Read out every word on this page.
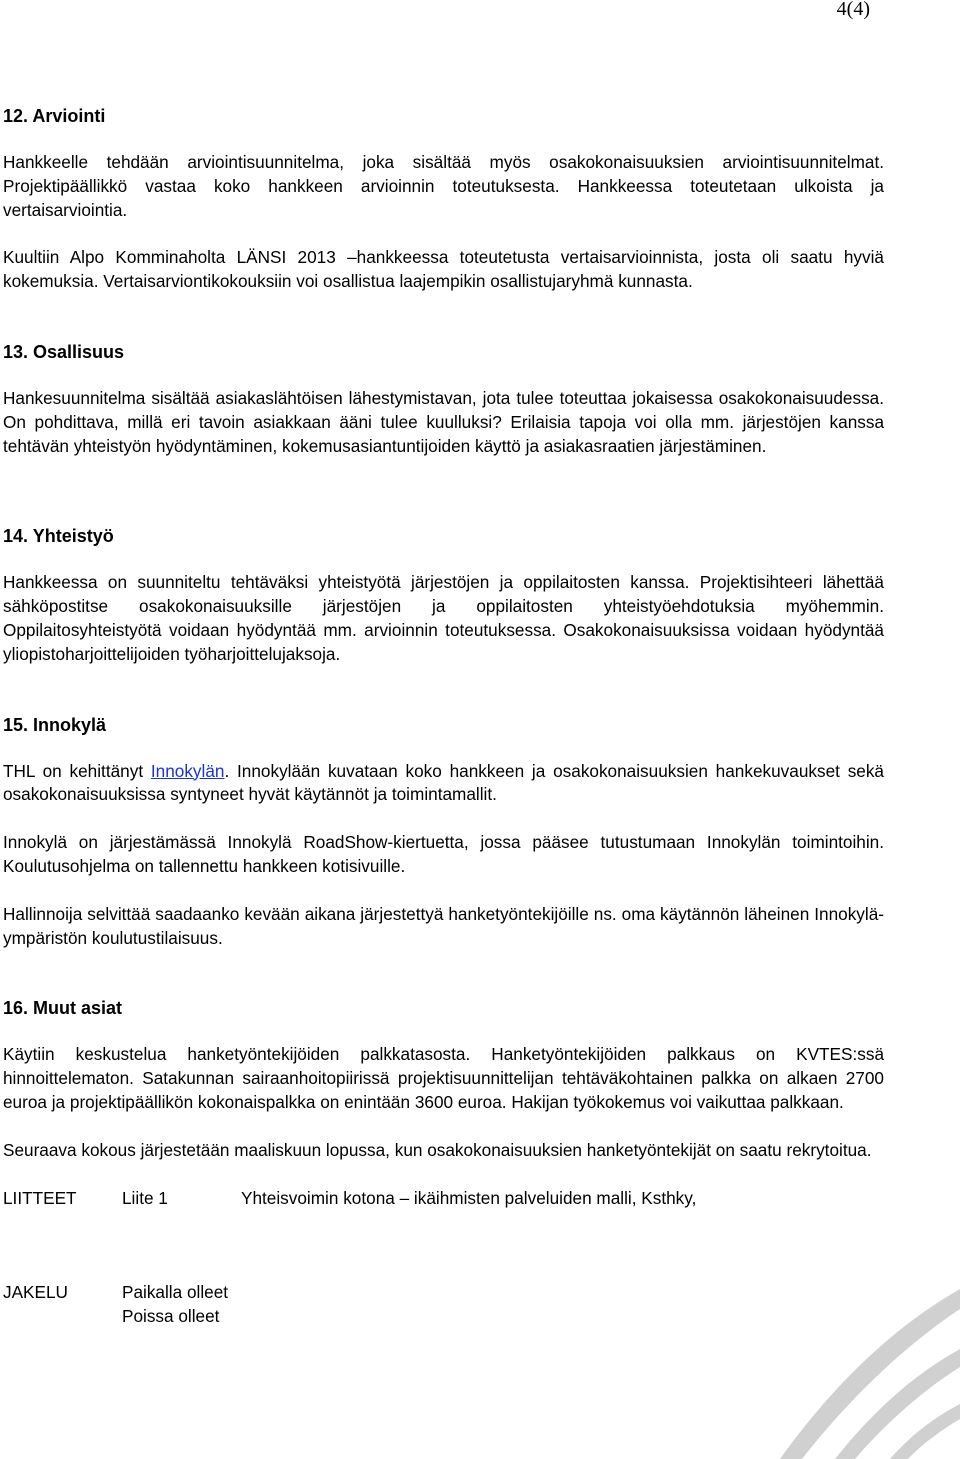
4(4)
12. Arviointi

Hankkeelle tehdään arviointisuunnitelma, joka sisältää myös osakokonaisuuksien arviointisuunnitelmat. Projektipäällikkö vastaa koko hankkeen arvioinnin toteutuksesta. Hankkeessa toteutetaan ulkoista ja vertaisarviointia.

Kuultiin Alpo Komminaholta LÄNSI 2013 –hankkeessa toteutetusta vertaisarvioinnista, josta oli saatu hyviä kokemuksia. Vertaisarviontikokouksiin voi osallistua laajempikin osallistujaryhmä kunnasta.

13. Osallisuus

Hankesuunnitelma sisältää asiakaslähtöisen lähestymistavan, jota tulee toteuttaa jokaisessa osakokonaisuudessa. On pohdittava, millä eri tavoin asiakkaan ääni tulee kuulluksi? Erilaisia tapoja voi olla mm. järjestöjen kanssa tehtävän yhteistyön hyödyntäminen, kokemusasiantuntijoiden käyttö ja asiakasraatien järjestäminen.

14. Yhteistyö

Hankkeessa on suunniteltu tehtäväksi yhteistyötä järjestöjen ja oppilaitosten kanssa. Projektisihteeri lähettää sähköpostitse osakokonaisuuksille järjestöjen ja oppilaitosten yhteistyöehdotuksia myöhemmin. Oppilaitosyhteistyötä voidaan hyödyntää mm. arvioinnin toteutuksessa. Osakokonaisuuksissa voidaan hyödyntää yliopistoharjoittelijoiden työharjoittelujaksoja.

15. Innokylä

THL on kehittänyt Innokylän. Innokylään kuvataan koko hankkeen ja osakokonaisuuksien hankekuvaukset sekä osakokonaisuuksissa syntyneet hyvät käytännöt ja toimintamallit.

Innokylä on järjestämässä Innokylä RoadShow-kiertuetta, jossa pääsee tutustumaan Innokylän toimintoihin. Koulutusohjelma on tallennettu hankkeen kotisivuille.

Hallinnoija selvittää saadaanko kevään aikana järjestettyä hanketyöntekijöille ns. oma käytännön läheinen Innokylä-ympäristön koulutustilaisuus.

16. Muut asiat

Käytiin keskustelua hanketyöntekijöiden palkkatasosta. Hanketyöntekijöiden palkkaus on KVTES:ssä hinnoittelematon. Satakunnan sairaanhoitopiirissä projektisuunnittelijan tehtäväkohtainen palkka on alkaen 2700 euroa ja projektipäällikön kokonaispalkka on enintään 3600 euroa. Hakijan työkokemus voi vaikuttaa palkkaan.

Seuraava kokous järjestetään maaliskuun lopussa, kun osakokonaisuuksien hanketyöntekijät on saatu rekrytoitua.

LIITTEET	Liite 1	Yhteisvoimin kotona – ikäihmisten palveluiden malli, Ksthky,
JAKELU	Paikalla olleet
Poissa olleet
